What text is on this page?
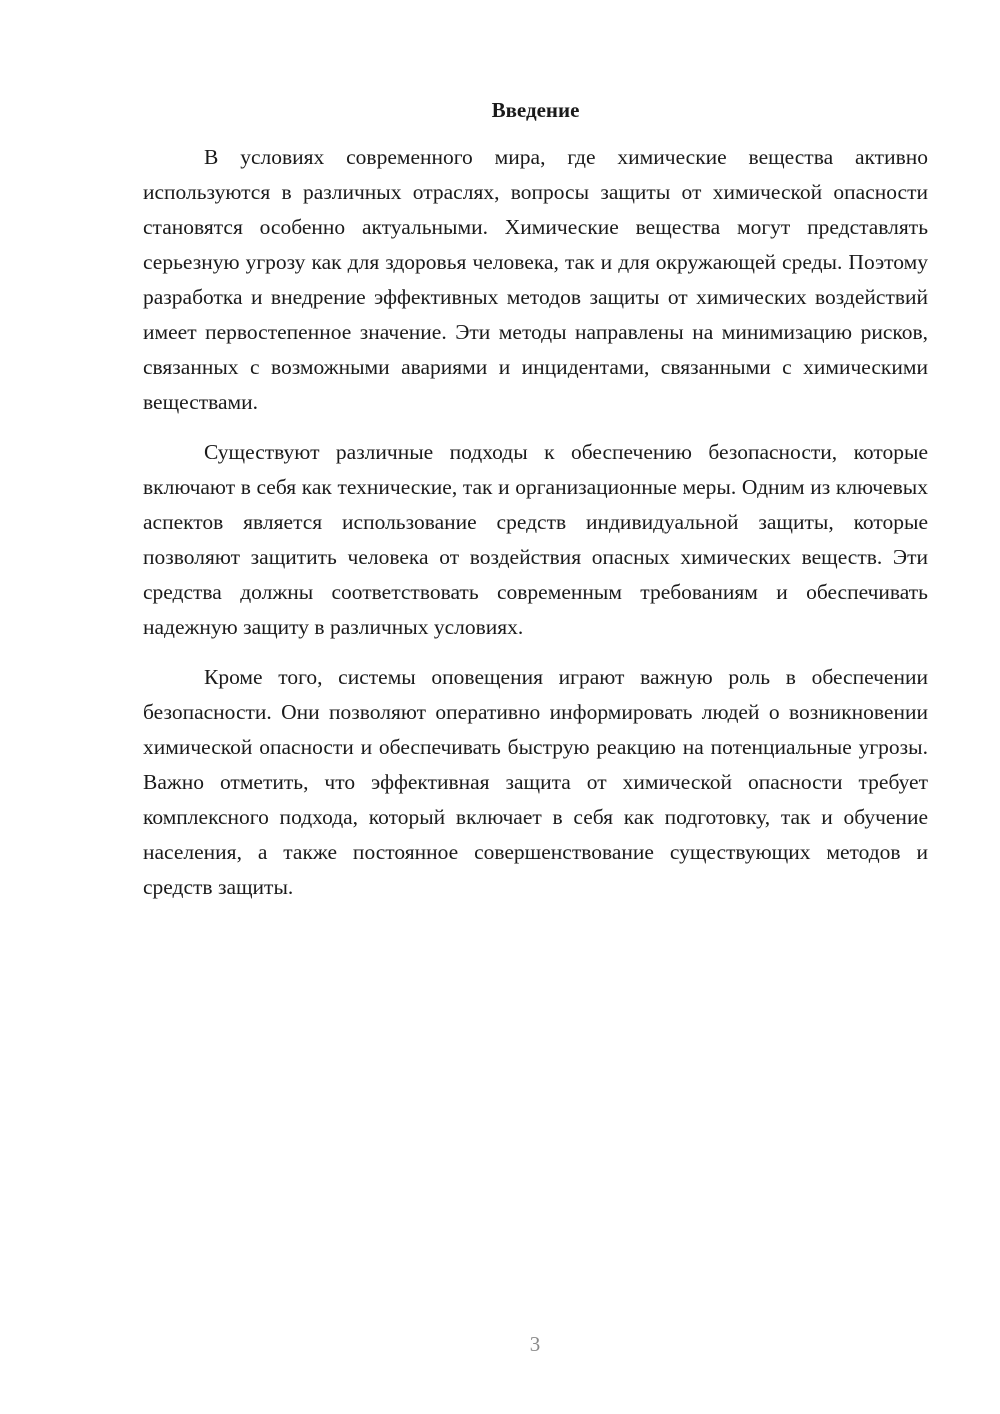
Введение

В условиях современного мира, где химические вещества активно используются в различных отраслях, вопросы защиты от химической опасности становятся особенно актуальными. Химические вещества могут представлять серьезную угрозу как для здоровья человека, так и для окружающей среды. Поэтому разработка и внедрение эффективных методов защиты от химических воздействий имеет первостепенное значение. Эти методы направлены на минимизацию рисков, связанных с возможными авариями и инцидентами, связанными с химическими веществами.

Существуют различные подходы к обеспечению безопасности, которые включают в себя как технические, так и организационные меры. Одним из ключевых аспектов является использование средств индивидуальной защиты, которые позволяют защитить человека от воздействия опасных химических веществ. Эти средства должны соответствовать современным требованиям и обеспечивать надежную защиту в различных условиях.

Кроме того, системы оповещения играют важную роль в обеспечении безопасности. Они позволяют оперативно информировать людей о возникновении химической опасности и обеспечивать быструю реакцию на потенциальные угрозы. Важно отметить, что эффективная защита от химической опасности требует комплексного подхода, который включает в себя как подготовку, так и обучение населения, а также постоянное совершенствование существующих методов и средств защиты.

3
